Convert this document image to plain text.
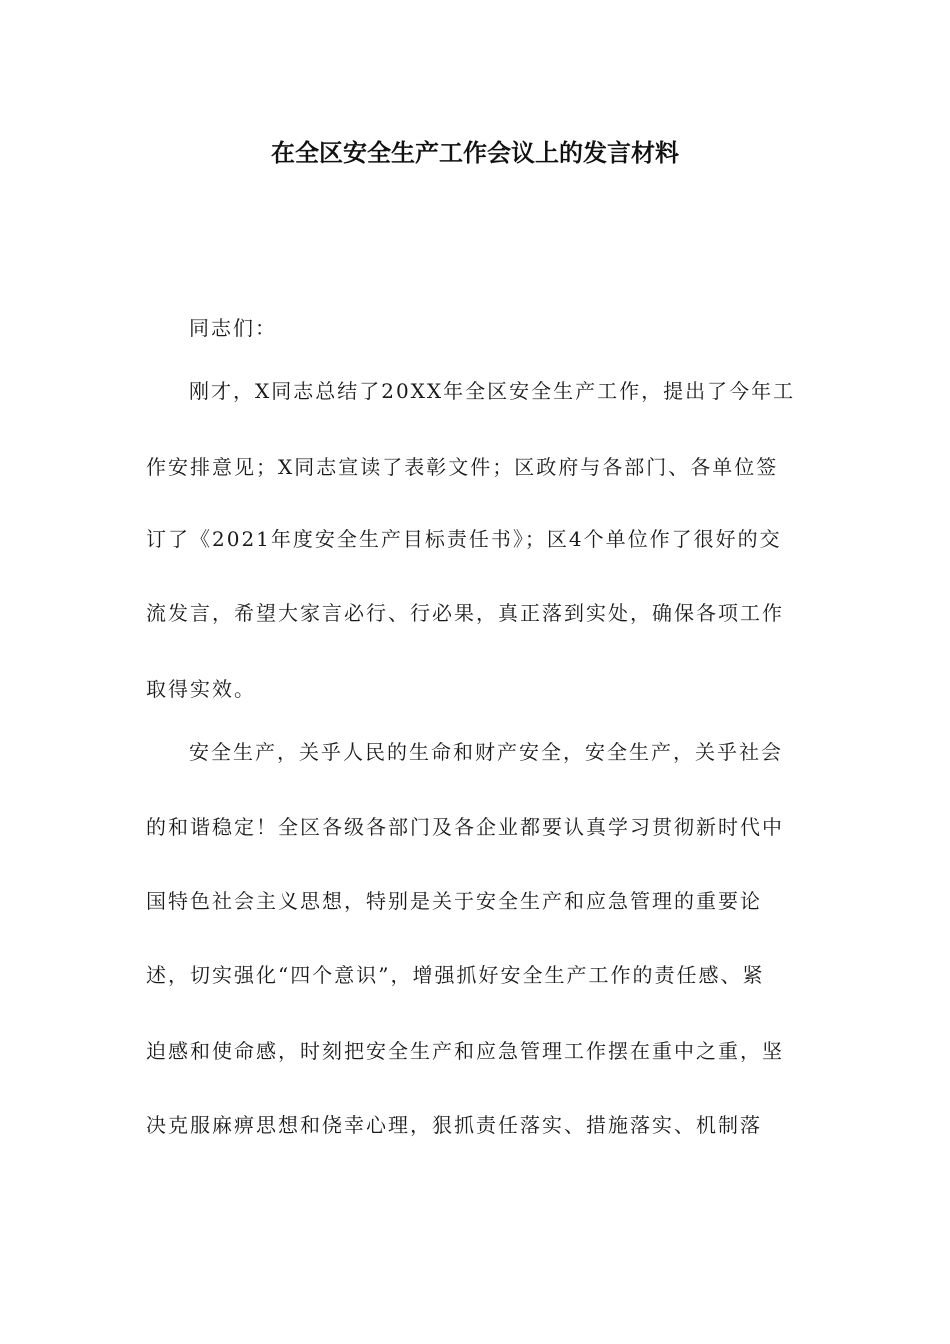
在全区安全生产工作会议上的发言材料
同志们：
刚才，X同志总结了20XX年全区安全生产工作，提出了今年工
作安排意见；X同志宣读了表彰文件；区政府与各部门、各单位签
订了《2021年度安全生产目标责任书》；区4个单位作了很好的交
流发言，希望大家言必行、行必果，真正落到实处，确保各项工作
取得实效。
安全生产，关乎人民的生命和财产安全，安全生产，关乎社会
的和谐稳定！全区各级各部门及各企业都要认真学习贯彻新时代中
国特色社会主义思想，特别是关于安全生产和应急管理的重要论
述，切实强化“四个意识”，增强抓好安全生产工作的责任感、紧
迫感和使命感，时刻把安全生产和应急管理工作摆在重中之重，坚
决克服麻痹思想和侥幸心理，狠抓责任落实、措施落实、机制落
